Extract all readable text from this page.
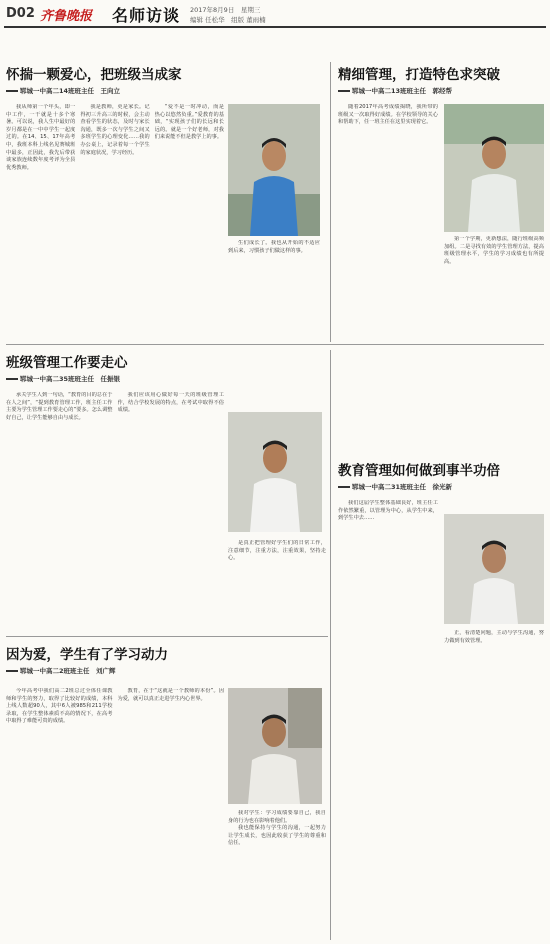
D02 齐鲁晚报 名师访谈 2017年8月9日　星期三
编辑 任松华　组版 董雨楠
怀揣一颗爱心，把班级当成家
郓城一中高二14班班主任　王向立

我从师第一个年头，即一中工作，一干就是十多个寒暑。可以说，我人生中最好的岁月都是在一中中学生一起度过的。在14、15、17年高考中，我班本科上线名见赛城班中最多，正因此，我先后带获谈家族连续数年度考评为全县优秀教师。

我是教师，更是家长。记得初三升高三的时候，会主动查看学生的状态，及时与家长沟通，既多一次与学生之间又多班学生的心理变化……我的办公桌上，记录着每一个学生的家庭状况，学习经历。

“爱不是一时冲动，而是热心以悠然负重。”爱教育的基础，“实现孩子们的长远和长远的。就是一个好老师，对我们来说能不但是教学上的事。

生们成长了。我也从开始的不适应到后来，习惯孩子们做这样的事。

精细管理，打造特色求突破
郓城一中高二13班班主任　郭经帮

随着2017年高考成绩揭晓，我所带的班级又一次取得好成绩。在学校领导的关心和帮助下，任一班主任在这里实现着它。

第一个学期，更新想法，随行班级高频加组。二是寻找有效的学生管理方法，提高班级管理水平，学生的学习成绩也有所提高。

班级管理工作要走心
郓城一中高二35班班主任　任振银

承关学生人到一句话，“教育的目的总在于在人之间”，“提到教育管理工作，班主任工作主要为学生管理工作要走心的”要多。怎么调整好自己，让学生能够自由与成长。

我们应该用心做好每一天的班级管理工作，结合学校发展的特点，在考试中取得不俗成绩。

是真正把管理好学生们的日常工作，注意细节，注重方法，注重效果，坚持走心。

教育管理如何做到事半功倍
郓城一中高二31班班主任　徐光新

我们这届学生整体基础良好，班主任工作依然繁重，以管理为中心，从学生中来，到学生中去……

正，看清楚问题，主动与学生沟通，努力做到有效管理。

因为爱，学生有了学习动力
郓城一中高二2班班主任　刘广辉

今年高考中我们高二2班总过全体任课教师和学生的努力，取得了比较好的成绩，本科上线人数超90人，其中6人被985和211学校录取，在学生整体素质不高的情况下，在高考中取得了难能可贵的成绩。

教育，在于“这就是一个教师的本份”。因为爱，就可以真正走进学生内心世界。

我对学生：学习成绩要靠自己，我自身的行为也在影响着他们。

我也能保持与学生的沟通，一起努力让学生成长，也因此收获了学生的尊重和信任。
